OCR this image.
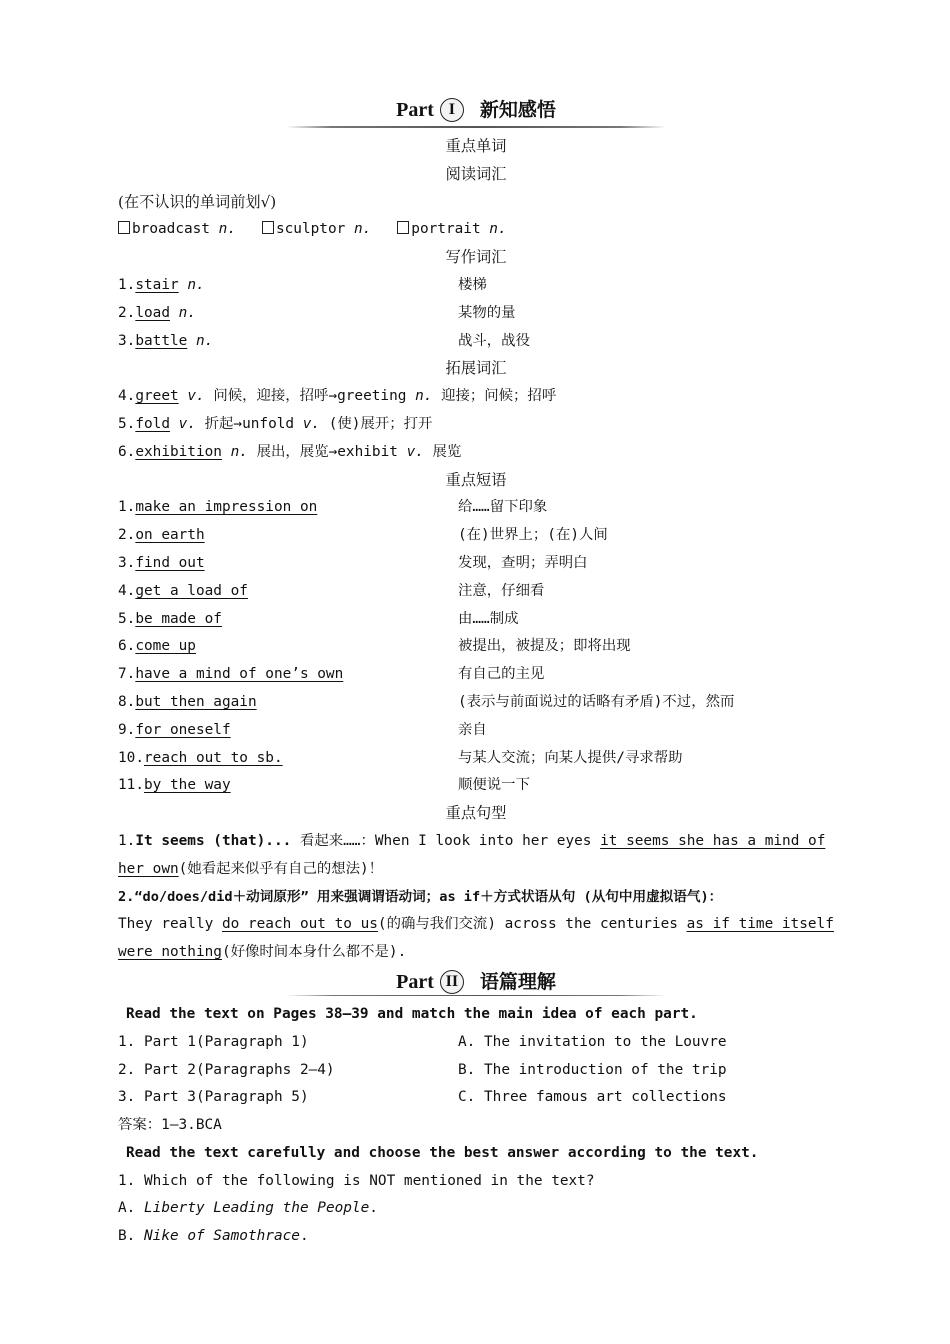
Part I 新知感悟
重点单词
阅读词汇
(在不认识的单词前划√)
broadcast n.	sculptor n.	portrait n.
写作词汇
1.stair n.	楼梯
2.load n.	某物的量
3.battle n.	战斗，战役
拓展词汇
4.greet v. 问候，迎接，招呼→greeting n. 迎接；问候；招呼
5.fold v. 折起→unfold v. (使)展开；打开
6.exhibition n. 展出，展览→exhibit v. 展览
重点短语
1.make an impression on	给……留下印象
2.on earth	(在)世界上；(在)人间
3.find out	发现，查明；弄明白
4.get a load of	注意，仔细看
5.be made of	由……制成
6.come up	被提出，被提及；即将出现
7.have a mind of one’s own	有自己的主见
8.but then again	(表示与前面说过的话略有矛盾)不过，然而
9.for oneself	亲自
10.reach out to sb.	与某人交流；向某人提供/寻求帮助
11.by the way	顺便说一下
重点句型
1.It seems (that)... 看起来……：When I look into her eyes it seems she has a mind of
her own(她看起来似乎有自己的想法)！
2.“do/does/did＋动词原形” 用来强调谓语动词；as if＋方式状语从句 (从句中用虚拟语气)：
They really do reach out to us(的确与我们交流) across the centuries as if time itself
were nothing(好像时间本身什么都不是).
Part II 语篇理解
Read the text on Pages 38—39 and match the main idea of each part.
1. Part 1(Paragraph 1)	A. The invitation to the Louvre
2. Part 2(Paragraphs 2—4)	B. The introduction of the trip
3. Part 3(Paragraph 5)	C. Three famous art collections
答案：1—3.BCA
Read the text carefully and choose the best answer according to the text.
1. Which of the following is NOT mentioned in the text?
A. Liberty Leading the People.
B. Nike of Samothrace.
